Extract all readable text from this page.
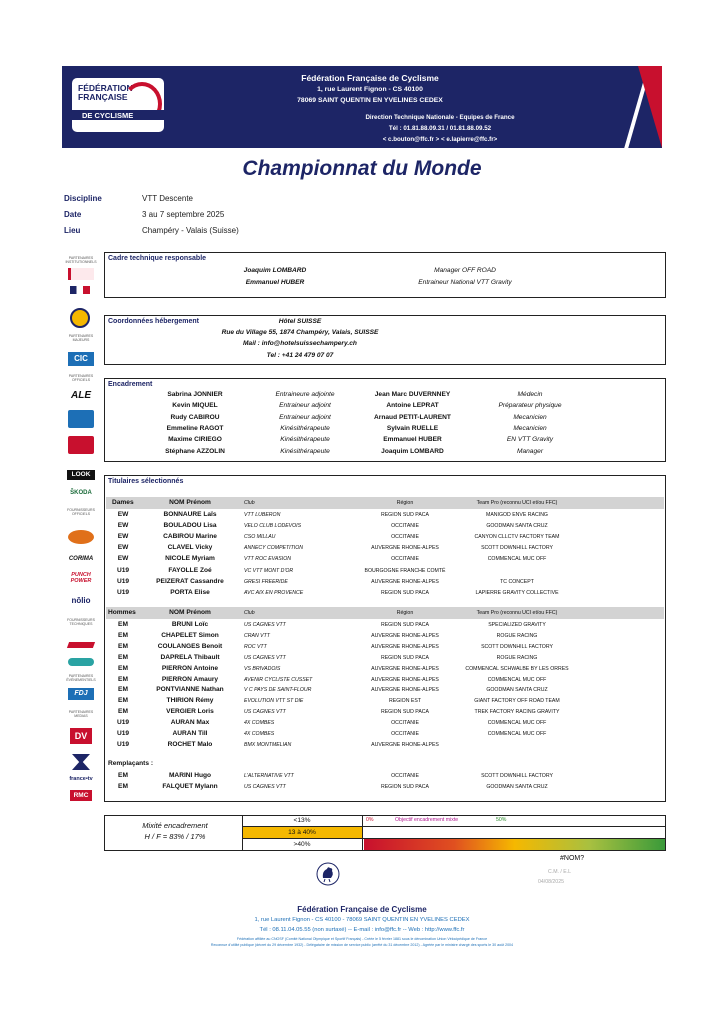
FÉDÉRATION
FRANÇAISE
DE CYCLISME
Fédération Française de Cyclisme
1, rue Laurent Fignon - CS 40100
78069 SAINT QUENTIN EN YVELINES CEDEX
Direction Technique Nationale - Equipes de France
Tél : 01.81.88.09.31 / 01.81.88.09.52
< c.bouton@ffc.fr > < e.lapierre@ffc.fr>
Championnat du Monde
Discipline	VTT Descente
Date	3 au 7 septembre 2025
Lieu	Champéry - Valais (Suisse)
PARTENAIRES INSTITUTIONNELS
PARTENAIRES MAJEURS
CIC
PARTENAIRES OFFICIELS
ALE
LOOK
ŠKODA
FOURNISSEURS OFFICIELS
CORIMA
PUNCH POWER
nōlio
FOURNISSEURS TECHNIQUES
PARTENAIRES ÉVÉNEMENTIELS
FDJ
PARTENAIRES MEDIAS
DV
france•tv
RMC
Cadre technique responsable
Joaquim LOMBARD	Manager OFF ROAD
Emmanuel HUBER	Entraineur National VTT Gravity
Coordonnées hébergement	Hôtel SUISSE
Rue du Village 55, 1874 Champéry, Valais, SUISSE
Mail : info@hotelsuissechampery.ch
Tel : +41 24 479 07 07
Encadrement
Sabrina JONNIER	Entraineure adjointe	Jean Marc DUVERNNEY	Médecin
Kevin MIQUEL	Entraineur adjoint	Antoine LEPRAT	Préparateur physique
Rudy CABIROU	Entraineur adjoint	Arnaud PETIT-LAURENT	Mecanicien
Emmeline RAGOT	Kinésithérapeute	Sylvain RUELLE	Mecanicien
Maxime CIRIEGO	Kinésithérapeute	Emmanuel HUBER	EN VTT Gravity
Stéphane AZZOLIN	Kinésithérapeute	Joaquim LOMBARD	Manager
Titulaires sélectionnés
Dames	NOM Prénom	Club	Région	Team Pro (reconnu UCI et/ou FFC)
EW	BONNAURE Laïs	VTT LUBERON	REGION SUD PACA	MANIGOD ENVE RACING
EW	BOULADOU Lisa	VELO CLUB LODEVOIS	OCCITANIE	GOODMAN SANTA CRUZ
EW	CABIROU Marine	CSO MILLAU	OCCITANIE	CANYON CLLCTV FACTORY TEAM
EW	CLAVEL Vicky	ANNECY COMPETITION	AUVERGNE RHONE-ALPES	SCOTT DOWNHILL FACTORY
EW	NICOLE Myriam	VTT ROC EVASION	OCCITANIE	COMMENCAL MUC OFF
U19	FAYOLLE Zoé	VC VTT MONT D'OR	BOURGOGNE FRANCHE COMTÉ
U19	PEIZERAT Cassandre	GRESI FREERIDE	AUVERGNE RHONE-ALPES	TC CONCEPT
U19	PORTA Elise	AVC AIX EN PROVENCE	REGION SUD PACA	LAPIERRE GRAVITY COLLECTIVE
Hommes	NOM Prénom	Club	Région	Team Pro (reconnu UCI et/ou FFC)
EM	BRUNI Loïc	US CAGNES VTT	REGION SUD PACA	SPECIALIZED GRAVITY
EM	CHAPELET Simon	CRAN VTT	AUVERGNE RHONE-ALPES	ROGUE RACING
EM	COULANGES Benoit	ROC VTT	AUVERGNE RHONE-ALPES	SCOTT DOWNHILL FACTORY
EM	DAPRELA Thibault	US CAGNES VTT	REGION SUD PACA	ROGUE RACING
EM	PIERRON Antoine	VS BRIVADOIS	AUVERGNE RHONE-ALPES	COMMENCAL SCHWALBE BY LES ORRES
EM	PIERRON Amaury	AVENIR CYCLISTE CUSSET	AUVERGNE RHONE-ALPES	COMMENCAL MUC OFF
EM	PONTVIANNE Nathan	V C PAYS DE SAINT-FLOUR	AUVERGNE RHONE-ALPES	GOODMAN SANTA CRUZ
EM	THIRION Rémy	EVOLUTION VTT ST DIE	REGION EST	GIANT FACTORY OFF ROAD TEAM
EM	VERGIER Loris	US CAGNES VTT	REGION SUD PACA	TREK FACTORY RACING GRAVITY
U19	AURAN Max	4X COMBES	OCCITANIE	COMMENCAL MUC OFF
U19	AURAN Till	4X COMBES	OCCITANIE	COMMENCAL MUC OFF
U19	ROCHET Malo	BMX MONTMELIAN	AUVERGNE RHONE-ALPES
Remplaçants :
EM	MARINI Hugo	L'ALTERNATIVE VTT	OCCITANIE	SCOTT DOWNHILL FACTORY
EM	FALQUET Mylann	US CAGNES VTT	REGION SUD PACA	GOODMAN SANTA CRUZ
Mixité encadrement
H / F = 83% / 17%
<13%
13 à 40%
>40%
0%	Objectif encadrement mixte	50%
#NOM?
C.M. / E.L
04/08/2025
Fédération Française de Cyclisme
1, rue Laurent Fignon - CS 40100 - 78069 SAINT QUENTIN EN YVELINES CEDEX
Tél : 08.11.04.05.55 (non surtaxé) -- E-mail : info@ffc.fr -- Web : http://www.ffc.fr
Fédération affiliée au CNOSF (Comité National Olympique et Sportif Français) - Créée le 5 février 1881 sous le dénomination Union Vélocipédique de France
Reconnue d'utilité publique (décret du 29 décembre 1932) - Délégataire de mission de service public (arrêté du 31 décembre 2012) - Agréée par le ministre chargé des sports le 30 août 2004
